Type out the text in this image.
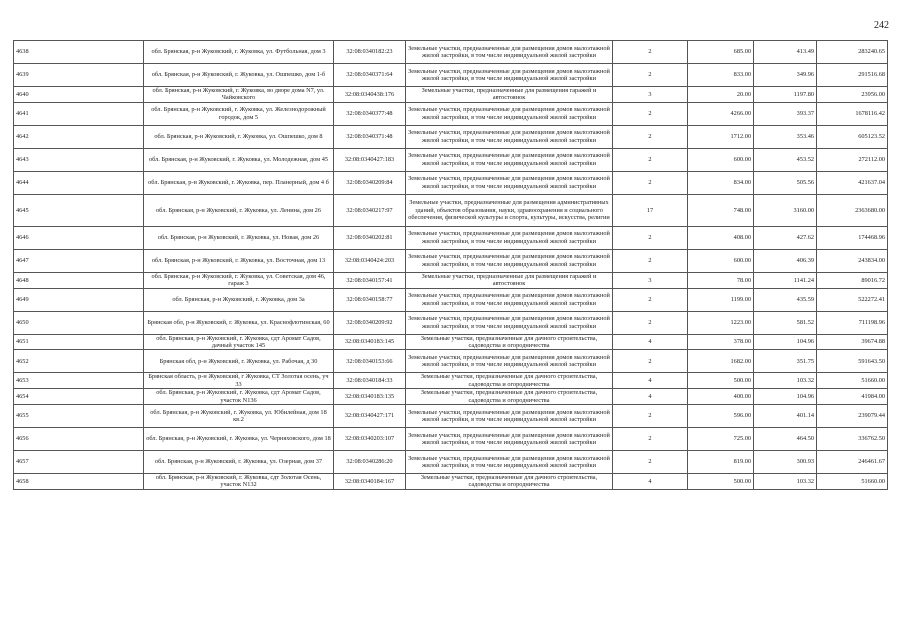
242
4638	обл. Брянская, р-н Жуковский, г. Жуковка, ул. Футбольная, дом 3	32:08:0340182:23	Земельные участки, предназначенные для размещения домов малоэтажной жилой застройки, в том числе индивидуальной жилой застройки	2	685.00	413.49	283240.65
4639	обл. Брянская, р-н Жуковский, г. Жуковка, ул. Ошпешко, дом 1-б	32:08:0340371:64	Земельные участки, предназначенные для размещения домов малоэтажной жилой застройки, в том числе индивидуальной жилой застройки	2	833.00	349.96	291516.68
4640	обл. Брянская, р-н Жуковский, г. Жуковка, во дворе дома N7, ул. Чайковского	32:08:0340438:176	Земельные участки, предназначенные для размещения гаражей и автостоянок	3	20.00	1197.80	23956.00
4641	обл. Брянская, р-н Жуковский, г. Жуковка, ул. Железнодорожный городок, дом 5	32:08:0340377:48	Земельные участки, предназначенные для размещения домов малоэтажной жилой застройки, в том числе индивидуальной жилой застройки	2	4266.00	393.37	1678116.42
4642	обл. Брянская, р-н Жуковский, г. Жуковка, ул. Ошпешко, дом 8	32:08:0340371:48	Земельные участки, предназначенные для размещения домов малоэтажной жилой застройки, в том числе индивидуальной жилой застройки	2	1712.00	353.46	605123.52
4643	обл. Брянская, р-н Жуковский, г. Жуковка, ул. Молодежная, дом 45	32:08:0340427:183	Земельные участки, предназначенные для размещения домов малоэтажной жилой застройки, в том числе индивидуальной жилой застройки	2	600.00	453.52	272112.00
4644	обл. Брянская, р-н Жуковский, г. Жуковка, пер. Планерный, дом 4 б	32:08:0340209:84	Земельные участки, предназначенные для размещения домов малоэтажной жилой застройки, в том числе индивидуальной жилой застройки	2	834.00	505.56	421637.04
4645	обл. Брянская, р-н Жуковский, г. Жуковка, ул. Ленина, дом 26	32:08:0340217:97	Земельные участки, предназначенные для размещения административных зданий, объектов образования, науки, здравоохранения и социального обеспечения, физической культуры и спорта, культуры, искусства, религии	17	748.00	3160.00	2363680.00
4646	обл. Брянская, р-н Жуковский, г. Жуковка, ул. Новая, дом 26	32:08:0340202:81	Земельные участки, предназначенные для размещения домов малоэтажной жилой застройки, в том числе индивидуальной жилой застройки	2	408.00	427.62	174468.96
4647	обл. Брянская, р-н Жуковский, г. Жуковка, ул. Восточная, дом 13	32:08:0340424:203	Земельные участки, предназначенные для размещения домов малоэтажной жилой застройки, в том числе индивидуальной жилой застройки	2	600.00	406.39	243834.00
4648	обл. Брянская, р-н Жуковский, г. Жуковка, ул. Советская, дом 46, гараж 3	32:08:0340157:41	Земельные участки, предназначенные для размещения гаражей и автостоянок	3	78.00	1141.24	89016.72
4649	обл. Брянская, р-н Жуковский, г. Жуковка, дом 3а	32:08:0340158:77	Земельные участки, предназначенные для размещения домов малоэтажной жилой застройки, в том числе индивидуальной жилой застройки	2	1199.00	435.59	522272.41
4650	Брянская обл, р-н Жуковский, г. Жуковка, ул. Краснофлотинская, 60	32:08:0340209:92	Земельные участки, предназначенные для размещения домов малоэтажной жилой застройки, в том числе индивидуальной жилой застройки	2	1223.00	581.52	711198.96
4651	обл. Брянская, р-н Жуковский, г. Жуковка, сдт Аромат Садов, дачный участок 145	32:08:0340183:145	Земельные участки, предназначенные для дачного строительства, садоводства и огородничества	4	378.00	104.96	39674.88
4652	Брянская обл, р-н Жуковский, г. Жуковка, ул. Рабочая, д 30	32:08:0340153:66	Земельные участки, предназначенные для размещения домов малоэтажной жилой застройки, в том числе индивидуальной жилой застройки	2	1682.00	351.75	591643.50
4653	Брянская область, р-н Жуковский, г Жуковка, СТ Золотая осень, уч 33	32:08:0340184:33	Земельные участки, предназначенные для дачного строительства, садоводства и огородничества	4	500.00	103.32	51660.00
4654	обл. Брянская, р-н Жуковский, г. Жуковка, сдт Аромат Садов, участок N136	32:08:0340183:135	Земельные участки, предназначенные для дачного строительства, садоводства и огородничества	4	400.00	104.96	41984.00
4655	обл. Брянская, р-н Жуковский, г. Жуковка, ул. Юбилейная, дом 18 кв.2	32:08:0340427:171	Земельные участки, предназначенные для размещения домов малоэтажной жилой застройки, в том числе индивидуальной жилой застройки	2	596.00	401.14	239079.44
4656	обл. Брянская, р-н Жуковский, г. Жуковка, ул. Черняховского, дом 18	32:08:0340203:107	Земельные участки, предназначенные для размещения домов малоэтажной жилой застройки, в том числе индивидуальной жилой застройки	2	725.00	464.50	336762.50
4657	обл. Брянская, р-н Жуковский, г. Жуковка, ул. Озерная, дом 37	32:08:0340286:20	Земельные участки, предназначенные для размещения домов малоэтажной жилой застройки, в том числе индивидуальной жилой застройки	2	819.00	300.93	246461.67
4658	обл. Брянская, р-н Жуковский, г. Жуковка, сдт Золотая Осень, участок N132	32:08:0340184:167	Земельные участки, предназначенные для дачного строительства, садоводства и огородничества	4	500.00	103.32	51660.00
